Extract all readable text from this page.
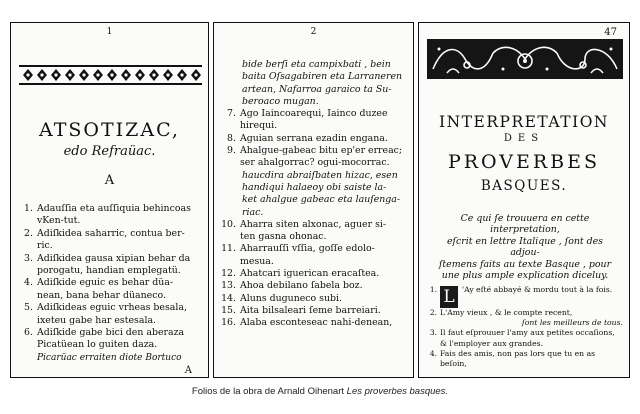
1
ATSOTIZAC,
edo Refraüac.
A
1. Adauſſia eta auſſiquia behincoas
vKen-tut.
2. Adiſkidea saharric, contua ber-
ric.
3. Adiſkidea gausa xipian behar da
porogatu, handian emplegatü.
4. Adiſkide eguic es behar düa-
nean, bana behar düaneco.
5. Adiſkideas eguic vrheas besala,
ixeteu gabe har estesala.
6. Adiſkide gabe bici den aberaza
Picatüean lo guiten daza.
Picarüac erraiten diote Bortuco
A
2
bide berſi eta campixbati , bein
baita Oſsagabiren eta Larraneren
artean, Nafarroa garaico ta Su-
beroaco mugan.
7. Ago Iaincoarequi, Iainco duzee
hirequi.
8. Aguian serrana ezadin engana.
9. Ahalgue-gabeac bitu ep'er erreac;
ser ahalgorrac? ogui-mocorrac.
haucdira abraiſbaten hizac, esen
handiqui halaeoy obi saiste la-
ket ahalgue gabeac eta lauſenga-
riac.
10. Aharra siten alxonac, aguer si-
ten gasna ohonac.
11. Aharrauſſi vſſia, goſſe edolo-
mesua.
12. Ahatcari iguerican eracaſtea.
13. Ahoa debilano ſabela boz.
14. Aluns duguneco subi.
15. Aita bilsaleari ſeme barreiari.
16. Alaba esconteseac nahi-denean,
47
INTERPRETATION
DES
PROVERBES
BASQUES.
Ce qui ſe trouuera en cette interpretation,
eſcrit en lettre Italique , ſont des adjou-
ſtemens faits au texte Basque , pour
une plus ample explication diceluy.
1. L 'Ay eſté abbayé & mordu tout à la fois.
2. L'Amy vieux , & le compte recent,
ſont les meilleurs de tous.
3. Il faut eſprouuer l'amy aux petites occaſions, & l'employer aux grandes.
4. Fais des amis, non pas lors que tu en as beſoin,
Folios de la obra de Arnald Oihenart Les proverbes basques.
